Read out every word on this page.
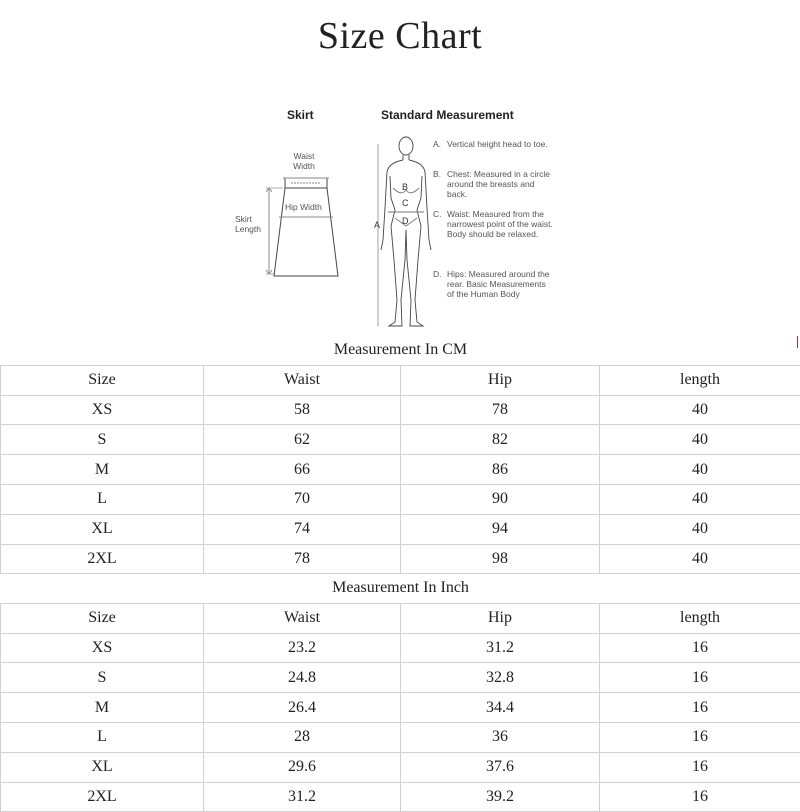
Size Chart
Skirt	Standard Measurement
Waist
Width
Hip Width
Skirt
Length	A
B
C
D
A. Vertical height head to toe.
B. Chest: Measured in a circle around the breasts and back.
C. Waist: Measured from the narrowest point of the waist. Body should be relaxed.
D. Hips: Measured around the rear. Basic Measurements of the Human Body
Measurement In CM			
Size	Waist	Hip	length
XS	58	78	40
S	62	82	40
M	66	86	40
L	70	90	40
XL	74	94	40
2XL	78	98	40
Measurement In Inch			
Size	Waist	Hip	length
XS	23.2	31.2	16
S	24.8	32.8	16
M	26.4	34.4	16
L	28	36	16
XL	29.6	37.6	16
2XL	31.2	39.2	16
